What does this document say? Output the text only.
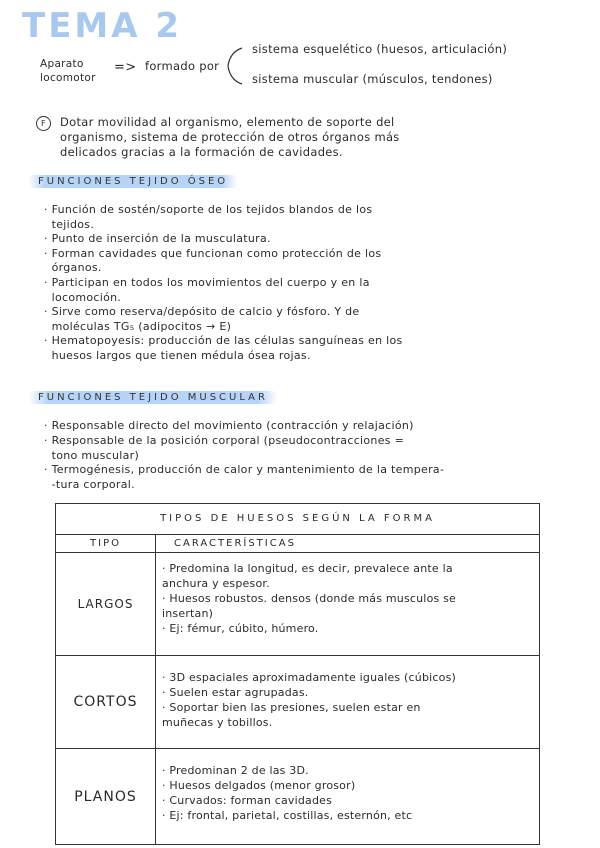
TEMA 2
Aparato
locomotor
=> formado por
sistema esquelético (huesos, articulación)
sistema muscular (músculos, tendones)
F	Dotar movilidad al organismo, elemento de soporte del
organismo, sistema de protección de otros órganos más
delicados gracias a la formación de cavidades.
FUNCIONES TEJIDO ÓSEO
· Función de sostén/soporte de los tejidos blandos de los
tejidos.
· Punto de inserción de la musculatura.
· Forman cavidades que funcionan como protección de los
órganos.
· Participan en todos los movimientos del cuerpo y en la
locomoción.
· Sirve como reserva/depósito de calcio y fósforo. Y de
moléculas TG₅ (adipocitos → E)
· Hematopoyesis: producción de las células sanguíneas en los
huesos largos que tienen médula ósea rojas.
FUNCIONES TEJIDO MUSCULAR
· Responsable directo del movimiento (contracción y relajación)
· Responsable de la posición corporal (pseudocontracciones =
tono muscular)
· Termogénesis, producción de calor y mantenimiento de la tempera-
-tura corporal.
TIPOS DE HUESOS SEGÚN LA FORMA	
TIPO	CARACTERÍSTICAS
LARGOS	· Predomina la longitud, es decir, prevalece ante la
anchura y espesor.
· Huesos robustos. densos (donde más musculos se
insertan)
· Ej: fémur, cúbito, húmero.

CORTOS	· 3D espaciales aproximadamente iguales (cúbicos)
· Suelen estar agrupadas.
· Soportar bien las presiones, suelen estar en
muñecas y tobillos.

PLANOS	· Predominan 2 de las 3D.
· Huesos delgados (menor grosor)
· Curvados: forman cavidades
· Ej: frontal, parietal, costillas, esternón, etc
